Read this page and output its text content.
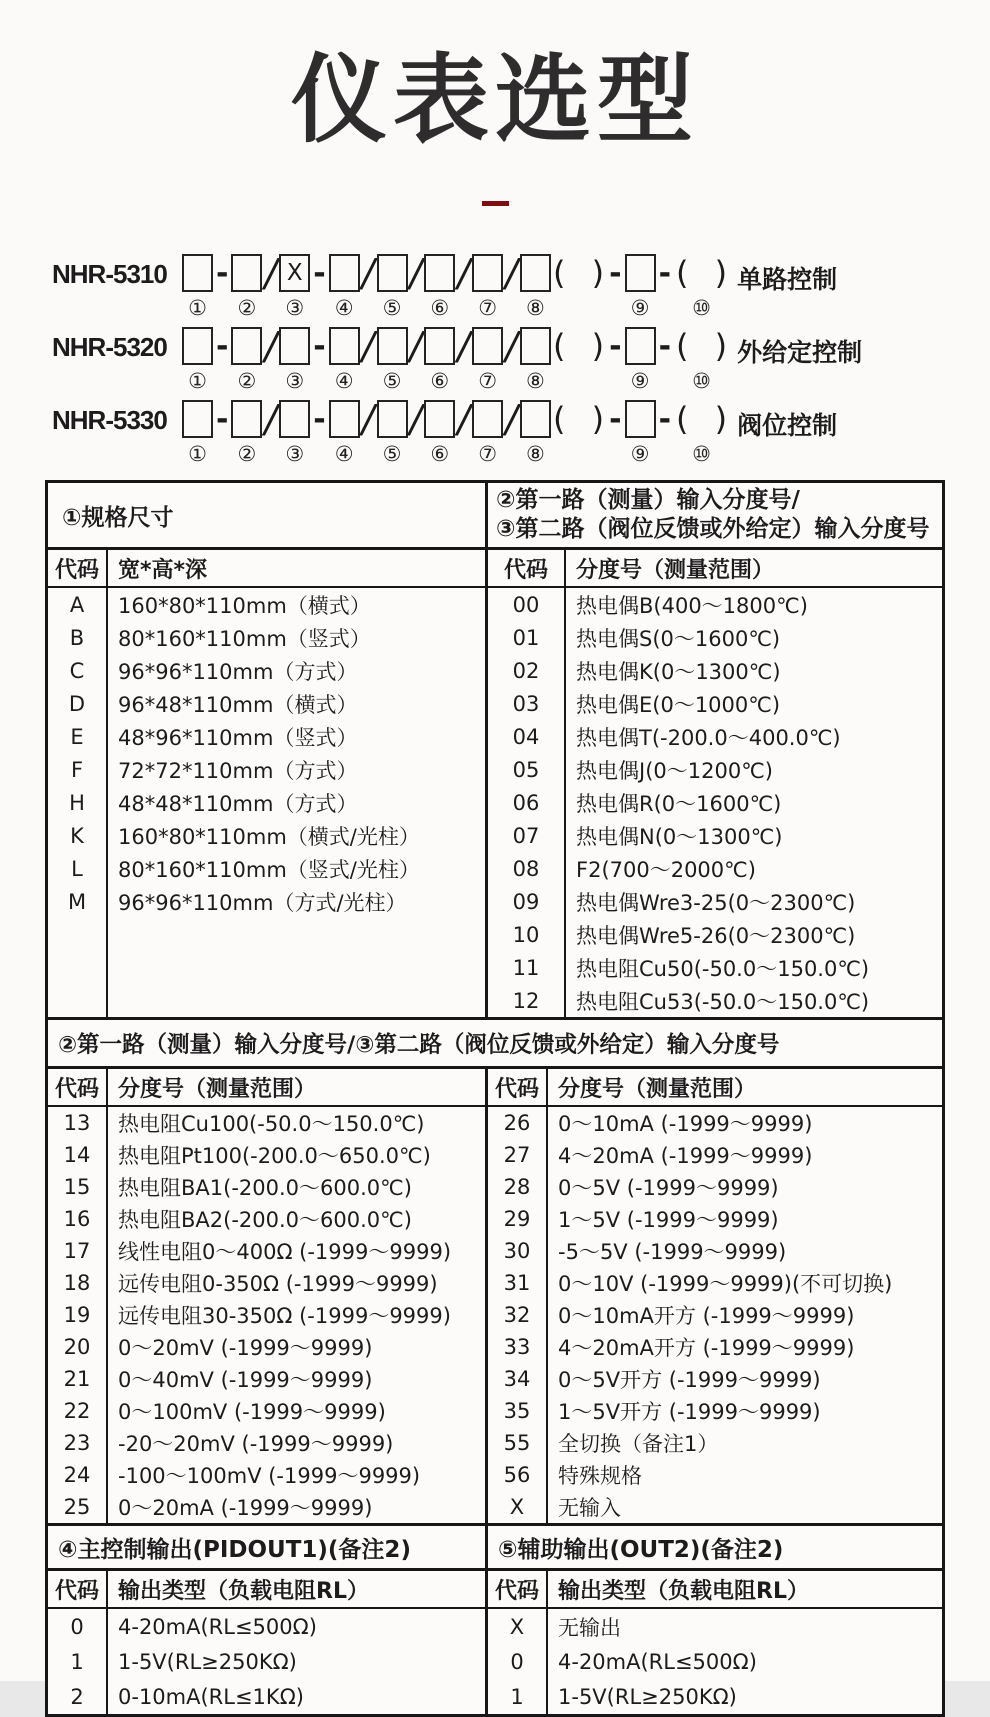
仪表选型
NHR-5310
①
-
②
/ X
③
-
④
/
⑤
/
⑥
/
⑦
/
⑧
( ) -
⑨
- ( )
⑩
单路控制
NHR-5320
①
-
②
/
③
-
④
/
⑤
/
⑥
/
⑦
/
⑧
( ) -
⑨
- ( )
⑩
外给定控制
NHR-5330
①
-
②
/
③
-
④
/
⑤
/
⑥
/
⑦
/
⑧
( ) -
⑨
- ( )
⑩
阀位控制
①规格尺寸
②第一路（测量）输入分度号/
③第二路（阀位反馈或外给定）输入分度号
代码 宽*高*深
A	160*80*110mm（横式）
B	80*160*110mm（竖式）
C	96*96*110mm（方式）
D	96*48*110mm（横式）
E	48*96*110mm（竖式）
F	72*72*110mm（方式）
H	48*48*110mm（方式）
K	160*80*110mm（横式/光柱）
L	80*160*110mm（竖式/光柱）
M	96*96*110mm（方式/光柱）
代码	分度号（测量范围）
00	热电偶B(400～1800℃)
01	热电偶S(0～1600℃)
02	热电偶K(0～1300℃)
03	热电偶E(0～1000℃)
04	热电偶T(-200.0～400.0℃)
05	热电偶J(0～1200℃)
06	热电偶R(0～1600℃)
07	热电偶N(0～1300℃)
08	F2(700～2000℃)
09	热电偶Wre3-25(0～2300℃)
10	热电偶Wre5-26(0～2300℃)
11	热电阻Cu50(-50.0～150.0℃)
12	热电阻Cu53(-50.0～150.0℃)
②第一路（测量）输入分度号/③第二路（阀位反馈或外给定）输入分度号
代码 分度号（测量范围）
13	热电阻Cu100(-50.0～150.0℃)
14	热电阻Pt100(-200.0～650.0℃)
15	热电阻BA1(-200.0～600.0℃)
16	热电阻BA2(-200.0～600.0℃)
17	线性电阻0～400Ω (-1999～9999)
18	远传电阻0-350Ω (-1999～9999)
19	远传电阻30-350Ω (-1999～9999)
20	0～20mV (-1999～9999)
21	0～40mV (-1999～9999)
22	0～100mV (-1999～9999)
23	-20～20mV (-1999～9999)
24	-100～100mV (-1999～9999)
25	0～20mA (-1999～9999)
代码 分度号（测量范围）
26	0～10mA (-1999～9999)
27	4～20mA (-1999～9999)
28	0～5V (-1999～9999)
29	1～5V (-1999～9999)
30	-5～5V (-1999～9999)
31	0～10V (-1999～9999)(不可切换)
32	0～10mA开方 (-1999～9999)
33	4～20mA开方 (-1999～9999)
34	0～5V开方 (-1999～9999)
35	1～5V开方 (-1999～9999)
55	全切换（备注1）
56	特殊规格
X	无输入
④主控制输出(PIDOUT1)(备注2)	⑤辅助输出(OUT2)(备注2)
代码 输出类型（负载电阻RL）
0	4-20mA(RL≤500Ω)
1	1-5V(RL≥250KΩ)
2	0-10mA(RL≤1KΩ)
代码 输出类型（负载电阻RL）
X	无输出
0	4-20mA(RL≤500Ω)
1	1-5V(RL≥250KΩ)
